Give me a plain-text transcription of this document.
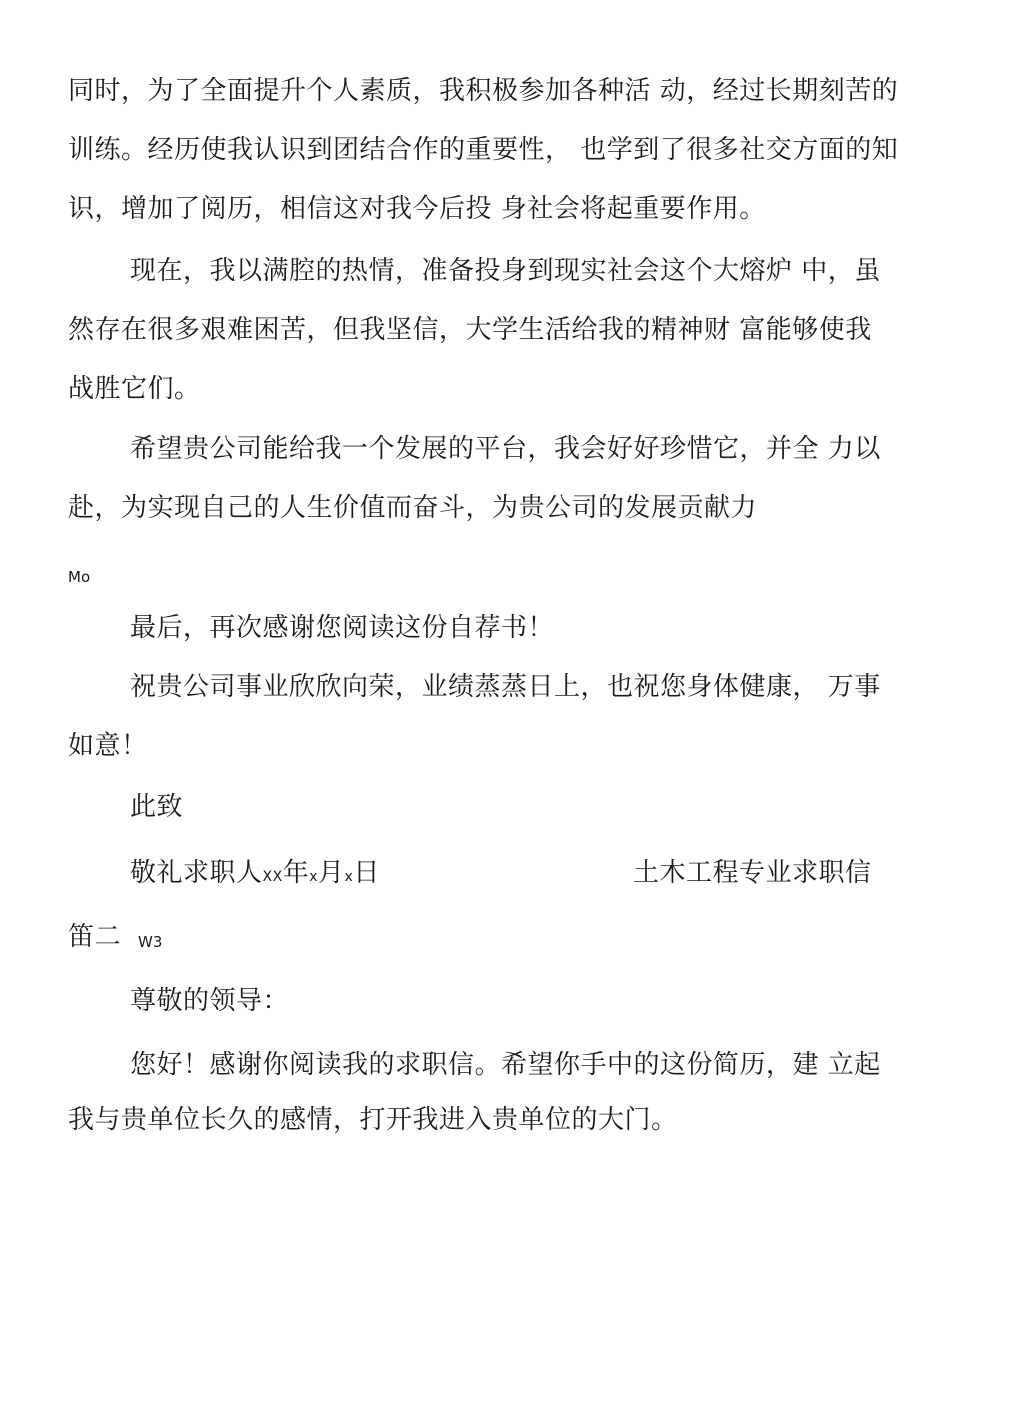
同时，为了全面提升个人素质，我积极参加各种活 动，经过长期刻苦的
训练。经历使我认识到团结合作的重要性， 也学到了很多社交方面的知
识，增加了阅历，相信这对我今后投 身社会将起重要作用。
现在，我以满腔的热情，准备投身到现实社会这个大熔炉 中，虽
然存在很多艰难困苦，但我坚信，大学生活给我的精神财 富能够使我
战胜它们。
希望贵公司能给我一个发展的平台，我会好好珍惜它，并全 力以
赴，为实现自己的人生价值而奋斗，为贵公司的发展贡献力
Mo
最后，再次感谢您阅读这份自荐书！
祝贵公司事业欣欣向荣，业绩蒸蒸日上，也祝您身体健康， 万事
如意！
此致
敬礼求职人XX年x月x日	土木工程专业求职信
笛二 W3
尊敬的领导：
您好！感谢你阅读我的求职信。希望你手中的这份简历，建 立起
我与贵单位长久的感情，打开我进入贵单位的大门。
